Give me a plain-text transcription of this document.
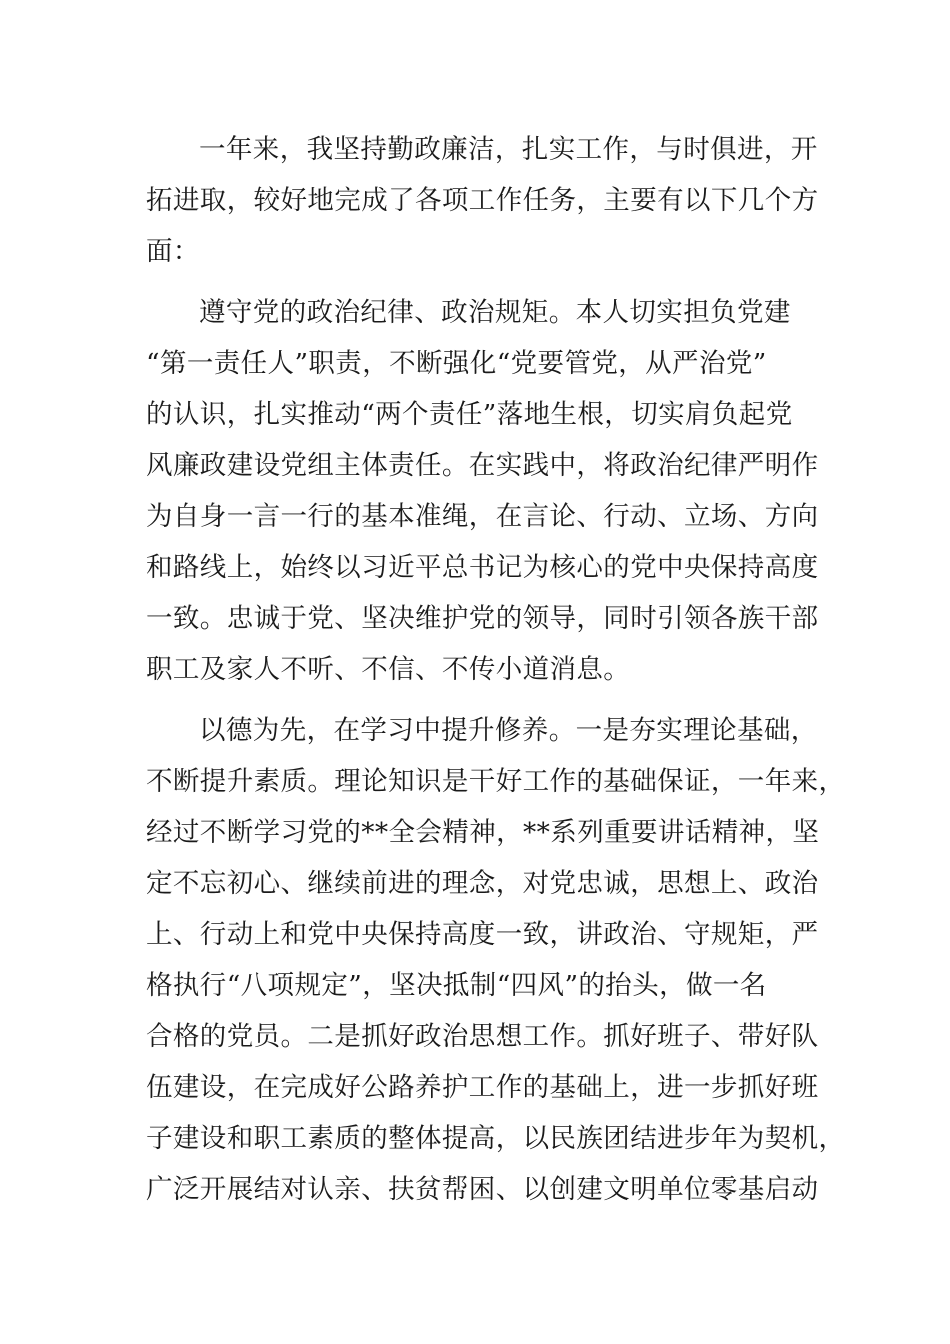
一年来，我坚持勤政廉洁，扎实工作，与时俱进，开
拓进取，较好地完成了各项工作任务，主要有以下几个方
面：
遵守党的政治纪律、政治规矩。本人切实担负党建
“第一责任人”职责，不断强化“党要管党，从严治党”
的认识，扎实推动“两个责任”落地生根，切实肩负起党
风廉政建设党组主体责任。在实践中，将政治纪律严明作
为自身一言一行的基本准绳，在言论、行动、立场、方向
和路线上，始终以习近平总书记为核心的党中央保持高度
一致。忠诚于党、坚决维护党的领导，同时引领各族干部
职工及家人不听、不信、不传小道消息。
以德为先，在学习中提升修养。一是夯实理论基础，
不断提升素质。理论知识是干好工作的基础保证，一年来，
经过不断学习党的**全会精神，**系列重要讲话精神，坚
定不忘初心、继续前进的理念，对党忠诚，思想上、政治
上、行动上和党中央保持高度一致，讲政治、守规矩，严
格执行“八项规定”，坚决抵制“四风”的抬头，做一名
合格的党员。二是抓好政治思想工作。抓好班子、带好队
伍建设，在完成好公路养护工作的基础上，进一步抓好班
子建设和职工素质的整体提高，以民族团结进步年为契机，
广泛开展结对认亲、扶贫帮困、以创建文明单位零基启动
